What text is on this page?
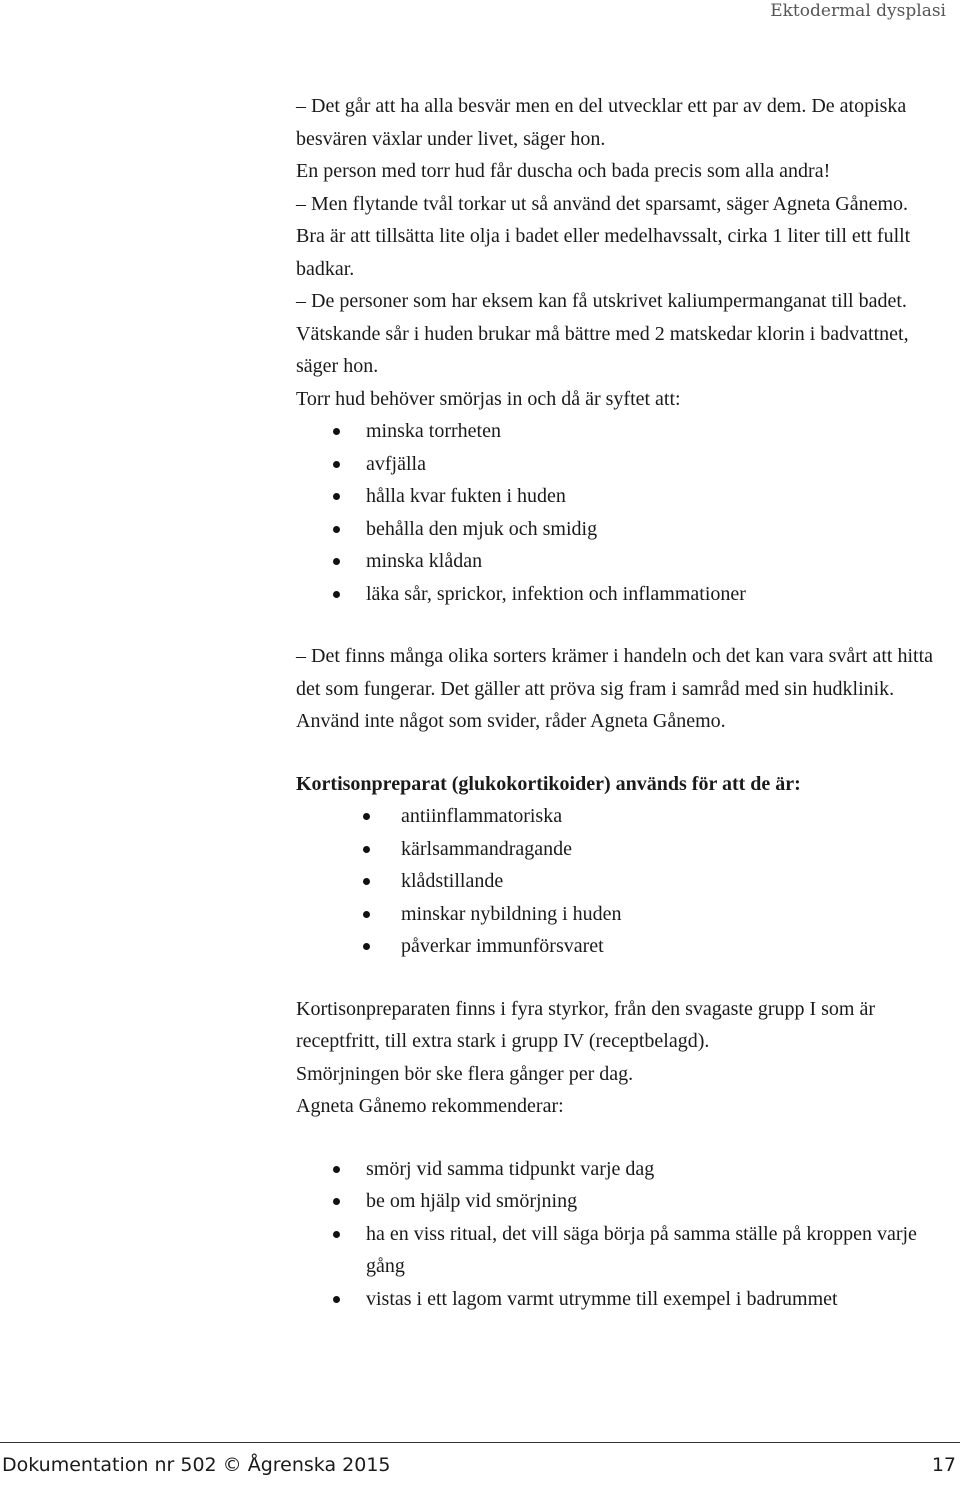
Ektodermal dysplasi

– Det går att ha alla besvär men en del utvecklar ett par av dem. De atopiska besvären växlar under livet, säger hon.

En person med torr hud får duscha och bada precis som alla andra!

– Men flytande tvål torkar ut så använd det sparsamt, säger Agneta Gånemo.

Bra är att tillsätta lite olja i badet eller medelhavssalt, cirka 1 liter till ett fullt badkar.

– De personer som har eksem kan få utskrivet kaliumpermanganat till badet. Vätskande sår i huden brukar må bättre med 2 matskedar klorin i badvattnet, säger hon.

Torr hud behöver smörjas in och då är syftet att:

minska torrheten
avfjälla
hålla kvar fukten i huden
behålla den mjuk och smidig
minska klådan
läka sår, sprickor, infektion och inflammationer

– Det finns många olika sorters krämer i handeln och det kan vara svårt att hitta det som fungerar. Det gäller att pröva sig fram i samråd med sin hudklinik. Använd inte något som svider, råder Agneta Gånemo.

Kortisonpreparat (glukokortikoider) används för att de är:

antiinflammatoriska
kärlsammandragande
klådstillande
minskar nybildning i huden
påverkar immunförsvaret

Kortisonpreparaten finns i fyra styrkor, från den svagaste grupp I som är receptfritt, till extra stark i grupp IV (receptbelagd).

Smörjningen bör ske flera gånger per dag.

Agneta Gånemo rekommenderar:

smörj vid samma tidpunkt varje dag
be om hjälp vid smörjning
ha en viss ritual, det vill säga börja på samma ställe på kroppen varje gång
vistas i ett lagom varmt utrymme till exempel i badrummet
Dokumentation nr 502 © Ågrenska 2015	17
